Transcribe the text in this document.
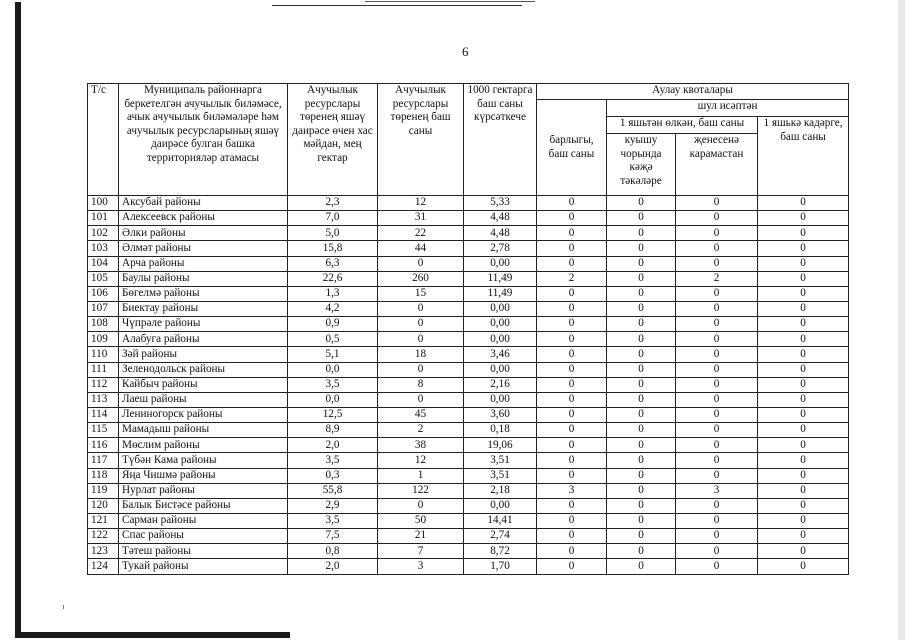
6
Т/с	Муниципаль районнарга беркетелгән ачучылык биләмәсе, ачык ачучылык биләмәләре һәм ачучылык ресурсларының яшәү даирәсе булган башка территорияләр атамасы	Ачучылык ресурслары төренең яшәү даирәсе өчен хас мәйдан, мең гектар	Ачучылык ресурслары төренең баш саны	1000 гектарга баш саны күрсәткече	Аулау квоталары			
					барлыгы, баш саны	шул исәптән		
						1 яшьтән өлкән, баш саны		1 яшькә кадәрге, баш саны
						куышу чорында кәҗә тәкәләре	җенесенә карамастан	
100	Аксубай районы	2,3	12	5,33	0	0	0	0
101	Алексеевск районы	7,0	31	4,48	0	0	0	0
102	Әлки районы	5,0	22	4,48	0	0	0	0
103	Әлмәт районы	15,8	44	2,78	0	0	0	0
104	Арча районы	6,3	0	0,00	0	0	0	0
105	Баулы районы	22,6	260	11,49	2	0	2	0
106	Бөгелмә районы	1,3	15	11,49	0	0	0	0
107	Биектау районы	4,2	0	0,00	0	0	0	0
108	Чүпрәле районы	0,9	0	0,00	0	0	0	0
109	Алабуга районы	0,5	0	0,00	0	0	0	0
110	Зәй районы	5,1	18	3,46	0	0	0	0
111	Зеленодольск районы	0,0	0	0,00	0	0	0	0
112	Кайбыч районы	3,5	8	2,16	0	0	0	0
113	Лаеш районы	0,0	0	0,00	0	0	0	0
114	Лениногорск районы	12,5	45	3,60	0	0	0	0
115	Мамадыш районы	8,9	2	0,18	0	0	0	0
116	Мөслим районы	2,0	38	19,06	0	0	0	0
117	Түбән Кама районы	3,5	12	3,51	0	0	0	0
118	Яңа Чишмә районы	0,3	1	3,51	0	0	0	0
119	Нурлат районы	55,8	122	2,18	3	0	3	0
120	Балык Бистәсе районы	2,9	0	0,00	0	0	0	0
121	Сарман районы	3,5	50	14,41	0	0	0	0
122	Спас районы	7,5	21	2,74	0	0	0	0
123	Тәтеш районы	0,8	7	8,72	0	0	0	0
124	Тукай районы	2,0	3	1,70	0	0	0	0
